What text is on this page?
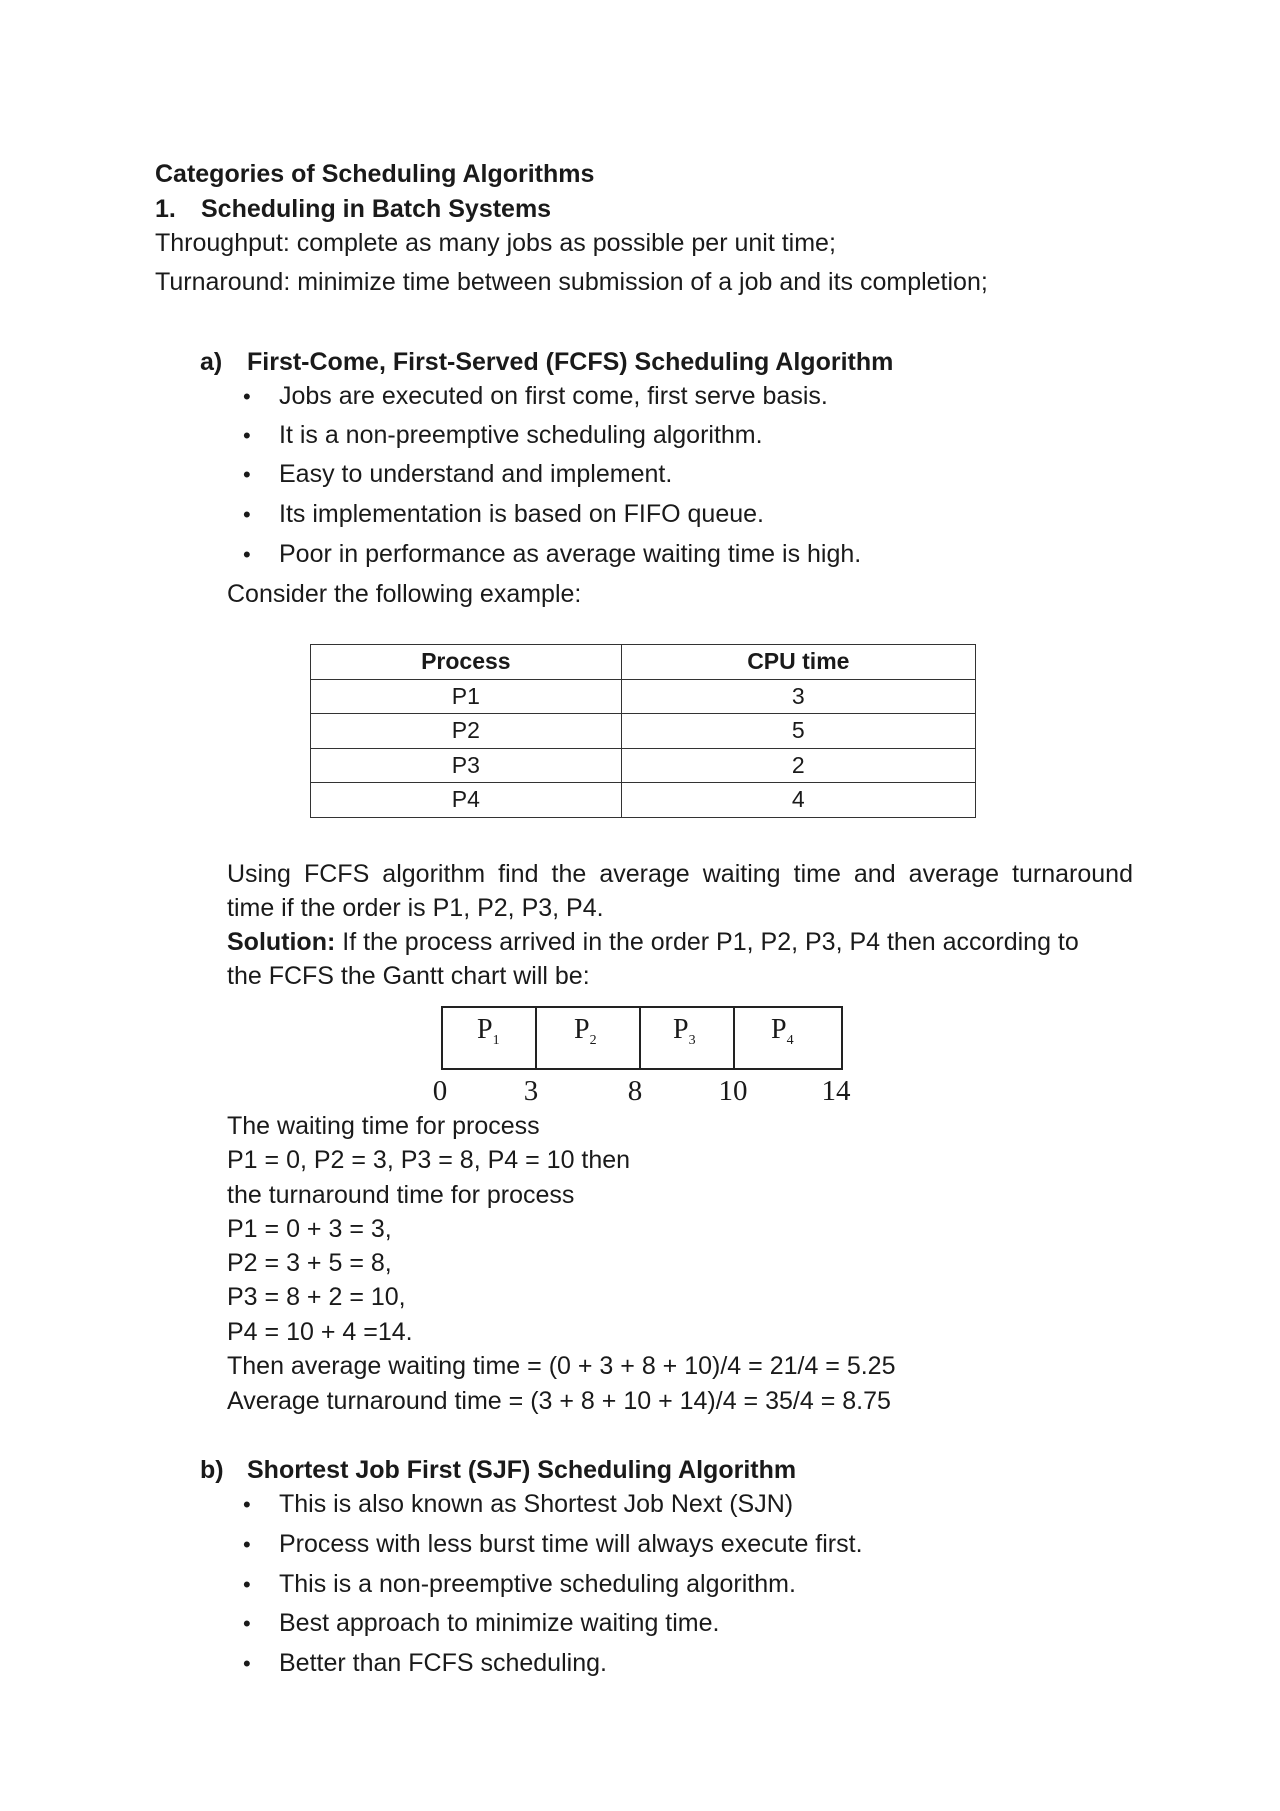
Categories of Scheduling Algorithms
1. Scheduling in Batch Systems
Throughput: complete as many jobs as possible per unit time;
Turnaround: minimize time between submission of a job and its completion;
a) First-Come, First-Served (FCFS) Scheduling Algorithm
• Jobs are executed on first come, first serve basis.
• It is a non-preemptive scheduling algorithm.
• Easy to understand and implement.
• Its implementation is based on FIFO queue.
• Poor in performance as average waiting time is high.
Consider the following example:
Process	CPU time
P1	3
P2	5
P3	2
P4	4
Using FCFS algorithm find the average waiting time and average turnaround
time if the order is P1, P2, P3, P4.
Solution: If the process arrived in the order P1, P2, P3, P4 then according to
the FCFS the Gantt chart will be:
$P_1$	$P_2$	$P_3$	$P_4$
0	3	8	10	14
The waiting time for process
P1 = 0, P2 = 3, P3 = 8, P4 = 10 then
the turnaround time for process
P1 = 0 + 3 = 3,
P2 = 3 + 5 = 8,
P3 = 8 + 2 = 10,
P4 = 10 + 4 =14.
Then average waiting time = (0 + 3 + 8 + 10)/4 = 21/4 = 5.25
Average turnaround time = (3 + 8 + 10 + 14)/4 = 35/4 = 8.75
b) Shortest Job First (SJF) Scheduling Algorithm
• This is also known as Shortest Job Next (SJN)
• Process with less burst time will always execute first.
• This is a non-preemptive scheduling algorithm.
• Best approach to minimize waiting time.
• Better than FCFS scheduling.
